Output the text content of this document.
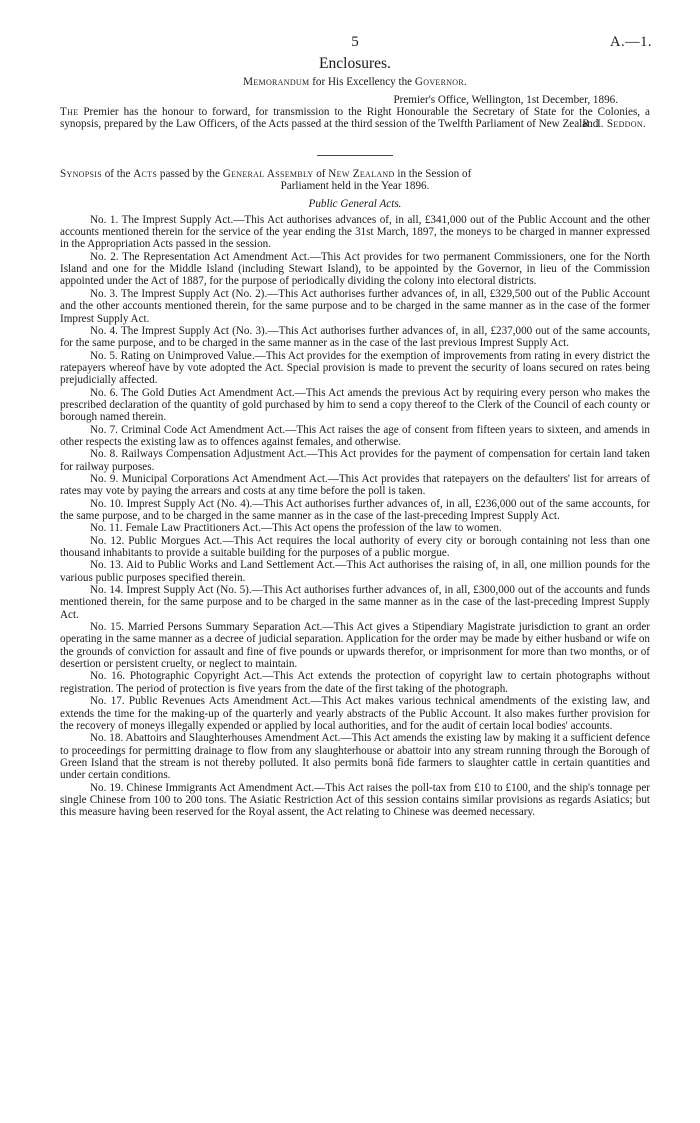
5	A.—1.
Enclosures.
Memorandum for His Excellency the Governor.

Premier's Office, Wellington, 1st December, 1896.

The Premier has the honour to forward, for transmission to the Right Honourable the Secretary of State for the Colonies, a synopsis, prepared by the Law Officers, of the Acts passed at the third session of the Twelfth Parliament of New Zealand.

R. J. Seddon.
Synopsis of the Acts passed by the General Assembly of New Zealand in the Session of
Parliament held in the Year 1896.
Public General Acts.

No. 1. The Imprest Supply Act.—This Act authorises advances of, in all, £341,000 out of the Public Account and the other accounts mentioned therein for the service of the year ending the 31st March, 1897, the moneys to be charged in manner expressed in the Appropriation Acts passed in the session.

No. 2. The Representation Act Amendment Act.—This Act provides for two permanent Commissioners, one for the North Island and one for the Middle Island (including Stewart Island), to be appointed by the Governor, in lieu of the Commission appointed under the Act of 1887, for the purpose of periodically dividing the colony into electoral districts.

No. 3. The Imprest Supply Act (No. 2).—This Act authorises further advances of, in all, £329,500 out of the Public Account and the other accounts mentioned therein, for the same purpose and to be charged in the same manner as in the case of the former Imprest Supply Act.

No. 4. The Imprest Supply Act (No. 3).—This Act authorises further advances of, in all, £237,000 out of the same accounts, for the same purpose, and to be charged in the same manner as in the case of the last previous Imprest Supply Act.

No. 5. Rating on Unimproved Value.—This Act provides for the exemption of improvements from rating in every district the ratepayers whereof have by vote adopted the Act. Special provision is made to prevent the security of loans secured on rates being prejudicially affected.

No. 6. The Gold Duties Act Amendment Act.—This Act amends the previous Act by requiring every person who makes the prescribed declaration of the quantity of gold purchased by him to send a copy thereof to the Clerk of the Council of each county or borough named therein.

No. 7. Criminal Code Act Amendment Act.—This Act raises the age of consent from fifteen years to sixteen, and amends in other respects the existing law as to offences against females, and otherwise.

No. 8. Railways Compensation Adjustment Act.—This Act provides for the payment of compensation for certain land taken for railway purposes.

No. 9. Municipal Corporations Act Amendment Act.—This Act provides that ratepayers on the defaulters' list for arrears of rates may vote by paying the arrears and costs at any time before the poll is taken.

No. 10. Imprest Supply Act (No. 4).—This Act authorises further advances of, in all, £236,000 out of the same accounts, for the same purpose, and to be charged in the same manner as in the case of the last-preceding Imprest Supply Act.

No. 11. Female Law Practitioners Act.—This Act opens the profession of the law to women.

No. 12. Public Morgues Act.—This Act requires the local authority of every city or borough containing not less than one thousand inhabitants to provide a suitable building for the purposes of a public morgue.

No. 13. Aid to Public Works and Land Settlement Act.—This Act authorises the raising of, in all, one million pounds for the various public purposes specified therein.

No. 14. Imprest Supply Act (No. 5).—This Act authorises further advances of, in all, £300,000 out of the accounts and funds mentioned therein, for the same purpose and to be charged in the same manner as in the case of the last-preceding Imprest Supply Act.

No. 15. Married Persons Summary Separation Act.—This Act gives a Stipendiary Magistrate jurisdiction to grant an order operating in the same manner as a decree of judicial separation. Application for the order may be made by either husband or wife on the grounds of conviction for assault and fine of five pounds or upwards therefor, or imprisonment for more than two months, or of desertion or persistent cruelty, or neglect to maintain.

No. 16. Photographic Copyright Act.—This Act extends the protection of copyright law to certain photographs without registration. The period of protection is five years from the date of the first taking of the photograph.

No. 17. Public Revenues Acts Amendment Act.—This Act makes various technical amendments of the existing law, and extends the time for the making-up of the quarterly and yearly abstracts of the Public Account. It also makes further provision for the recovery of moneys illegally expended or applied by local authorities, and for the audit of certain local bodies' accounts.

No. 18. Abattoirs and Slaughterhouses Amendment Act.—This Act amends the existing law by making it a sufficient defence to proceedings for permitting drainage to flow from any slaughterhouse or abattoir into any stream running through the Borough of Green Island that the stream is not thereby polluted. It also permits bonâ fide farmers to slaughter cattle in certain quantities and under certain conditions.

No. 19. Chinese Immigrants Act Amendment Act.—This Act raises the poll-tax from £10 to £100, and the ship's tonnage per single Chinese from 100 to 200 tons. The Asiatic Restriction Act of this session contains similar provisions as regards Asiatics; but this measure having been reserved for the Royal assent, the Act relating to Chinese was deemed necessary.
